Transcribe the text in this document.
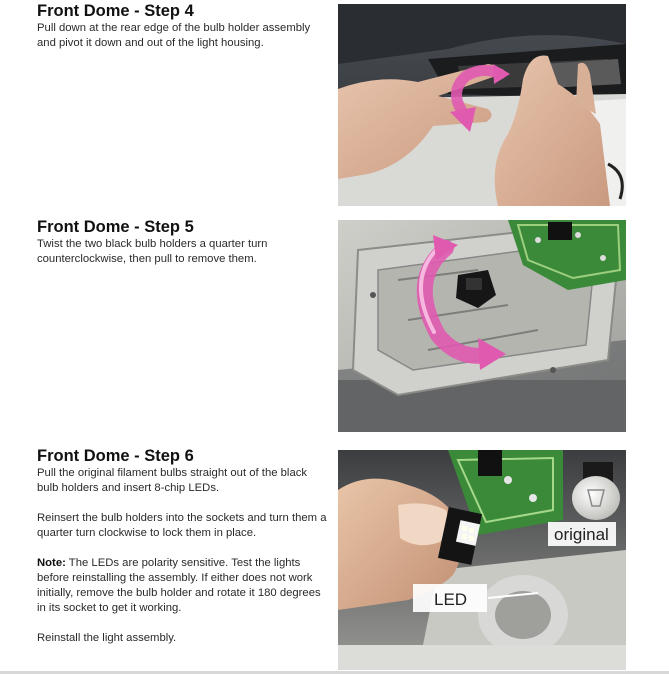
Front Dome - Step 4

Pull down at the rear edge of the bulb holder assembly and pivot it down and out of the light housing.

Front Dome - Step 5

Twist the two black bulb holders a quarter turn counterclockwise, then pull to remove them.

Front Dome - Step 6

Pull the original filament bulbs straight out of the black bulb holders and insert 8-chip LEDs.

Reinsert the bulb holders into the sockets and turn them a quarter turn clockwise to lock them in place.

Note: The LEDs are polarity sensitive. Test the lights before reinstalling the assembly. If either does not work initially, remove the bulb holder and rotate it 180 degrees in its socket to get it working.

Reinstall the light assembly.

original
LED
